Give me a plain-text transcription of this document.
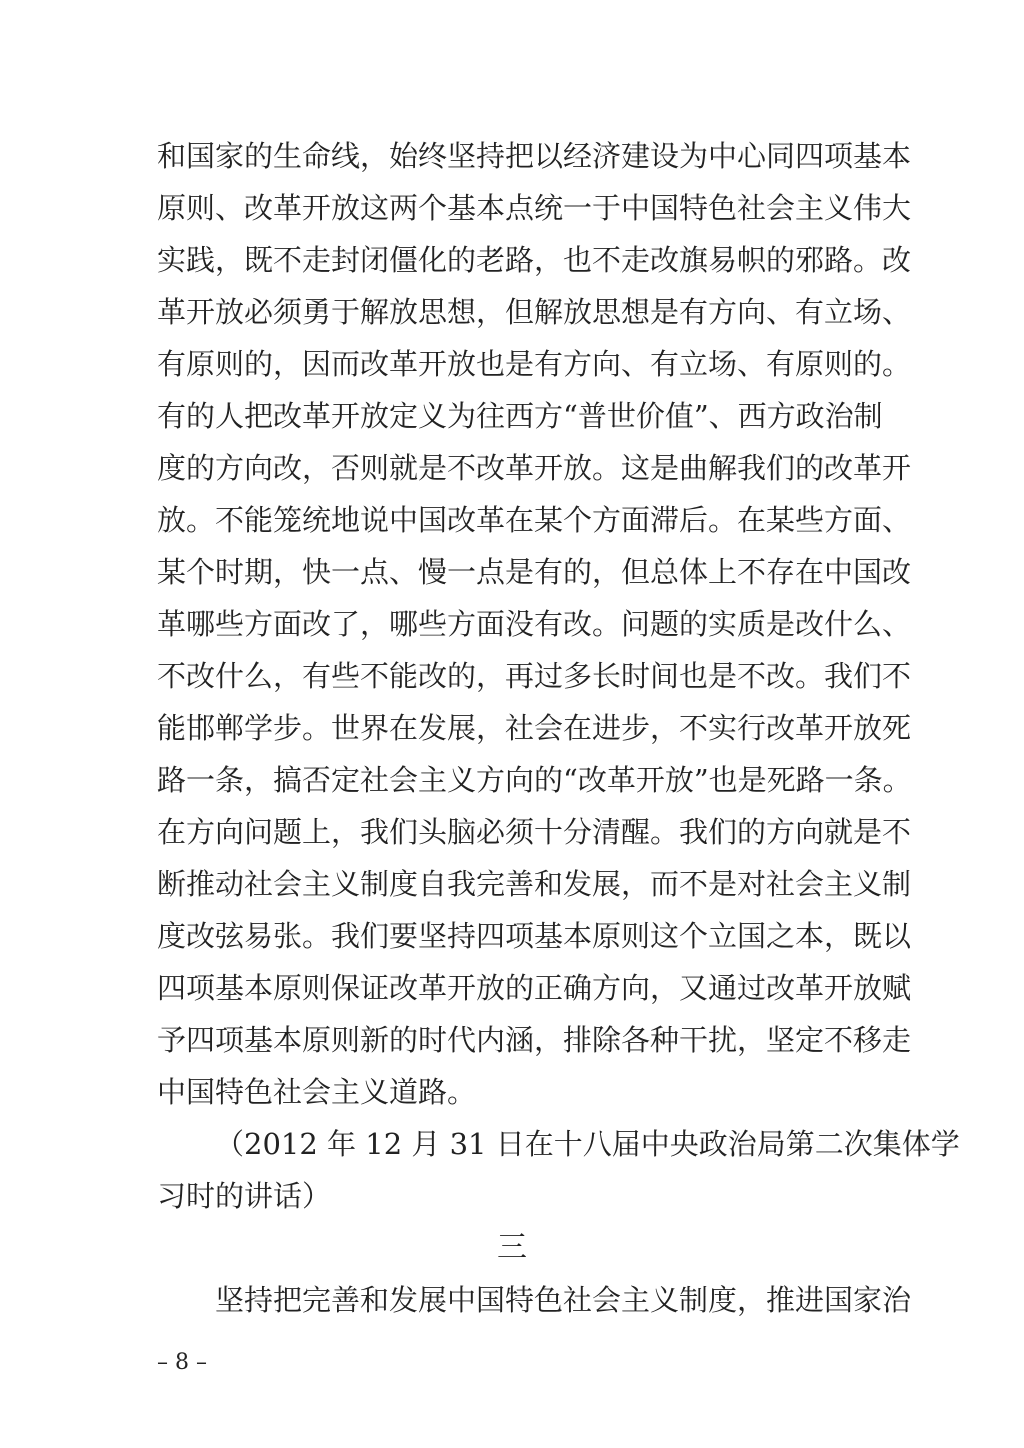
和国家的生命线，始终坚持把以经济建设为中心同四项基本
原则、改革开放这两个基本点统一于中国特色社会主义伟大
实践，既不走封闭僵化的老路，也不走改旗易帜的邪路。改
革开放必须勇于解放思想，但解放思想是有方向、有立场、
有原则的，因而改革开放也是有方向、有立场、有原则的。
有的人把改革开放定义为往西方“普世价值”、西方政治制
度的方向改，否则就是不改革开放。这是曲解我们的改革开
放。不能笼统地说中国改革在某个方面滞后。在某些方面、
某个时期，快一点、慢一点是有的，但总体上不存在中国改
革哪些方面改了，哪些方面没有改。问题的实质是改什么、
不改什么，有些不能改的，再过多长时间也是不改。我们不
能邯郸学步。世界在发展，社会在进步，不实行改革开放死
路一条，搞否定社会主义方向的“改革开放”也是死路一条。
在方向问题上，我们头脑必须十分清醒。我们的方向就是不
断推动社会主义制度自我完善和发展，而不是对社会主义制
度改弦易张。我们要坚持四项基本原则这个立国之本，既以
四项基本原则保证改革开放的正确方向，又通过改革开放赋
予四项基本原则新的时代内涵，排除各种干扰，坚定不移走
中国特色社会主义道路。
（2012 年 12 月 31 日在十八届中央政治局第二次集体学
习时的讲话）
三
坚持把完善和发展中国特色社会主义制度，推进国家治
– 8 –
